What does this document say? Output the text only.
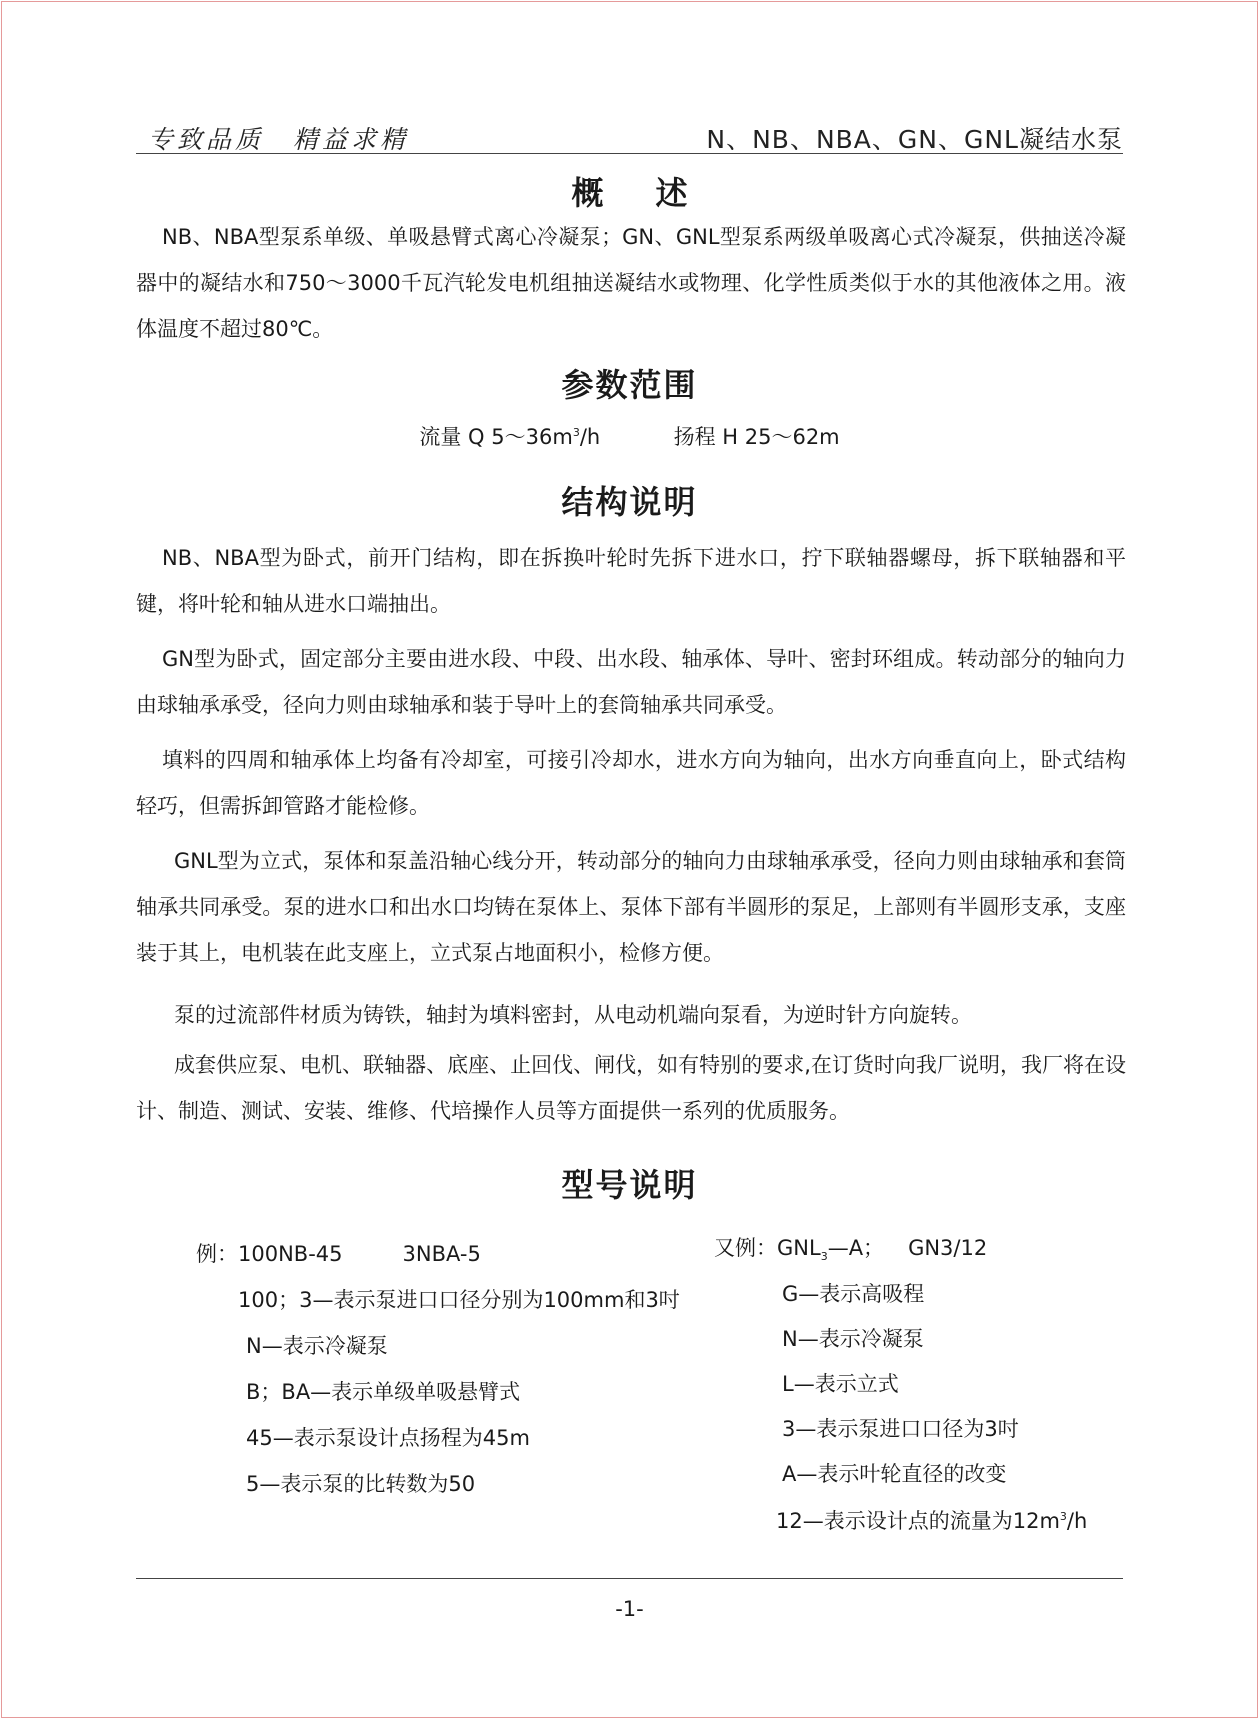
专致品质　精益求精	N、NB、NBA、GN、GNL凝结水泵
概述
NB、NBA型泵系单级、单吸悬臂式离心冷凝泵；GN、GNL型泵系两级单吸离心式冷凝泵，供抽送冷凝器中的凝结水和750～3000千瓦汽轮发电机组抽送凝结水或物理、化学性质类似于水的其他液体之用。液体温度不超过80℃。
参数范围
流量 Q $5\sim 36m^3/h$	扬程 H 25～62m
结构说明
NB、NBA型为卧式，前开门结构，即在拆换叶轮时先拆下进水口，拧下联轴器螺母，拆下联轴器和平键，将叶轮和轴从进水口端抽出。
GN型为卧式，固定部分主要由进水段、中段、出水段、轴承体、导叶、密封环组成。转动部分的轴向力由球轴承承受，径向力则由球轴承和装于导叶上的套筒轴承共同承受。
填料的四周和轴承体上均备有冷却室，可接引冷却水，进水方向为轴向，出水方向垂直向上，卧式结构轻巧，但需拆卸管路才能检修。
GNL型为立式，泵体和泵盖沿轴心线分开，转动部分的轴向力由球轴承承受，径向力则由球轴承和套筒轴承共同承受。泵的进水口和出水口均铸在泵体上、泵体下部有半圆形的泵足，上部则有半圆形支承，支座装于其上，电机装在此支座上，立式泵占地面积小，检修方便。
泵的过流部件材质为铸铁，轴封为填料密封，从电动机端向泵看，为逆时针方向旋转。
成套供应泵、电机、联轴器、底座、止回伐、闸伐，如有特别的要求,在订货时向我厂说明，我厂将在设计、制造、测试、安装、维修、代培操作人员等方面提供一系列的优质服务。
型号说明
例：100NB-45	3NBA-5
100；3—表示泵进口口径分别为100mm和3吋
N—表示冷凝泵
B；BA—表示单级单吸悬臂式
45—表示泵设计点扬程为45m
5—表示泵的比转数为50
又例：$GNL_3—A$； GN3/12
G—表示高吸程
N—表示冷凝泵
L—表示立式
3—表示泵进口口径为3吋
A—表示叶轮直径的改变
12—表示设计点的流量为$12m^3/h$
-1-
